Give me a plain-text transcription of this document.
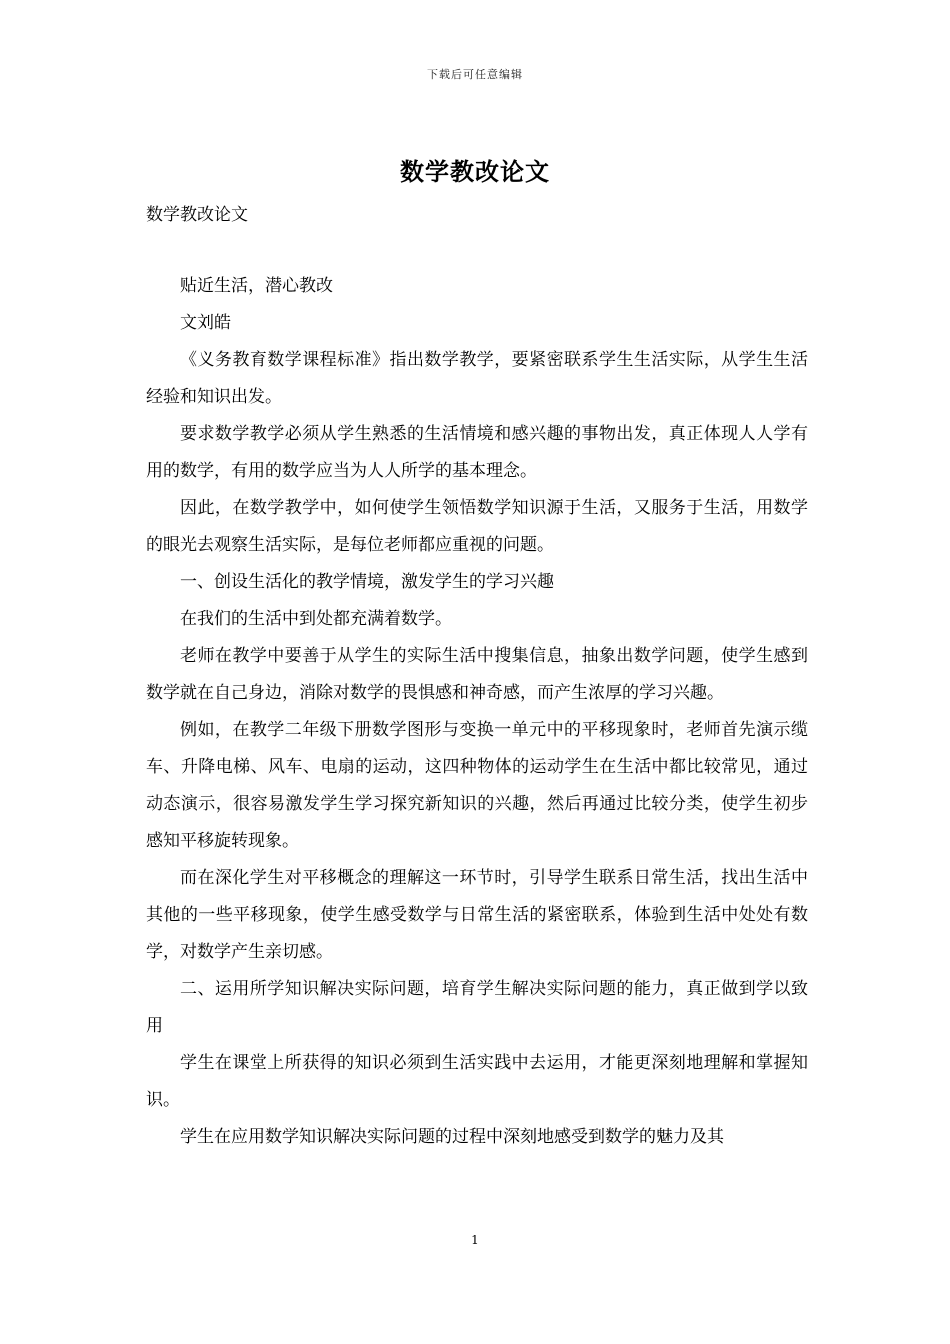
下载后可任意编辑
数学教改论文
数学教改论文

贴近生活，潜心教改

文刘皓

《义务教育数学课程标准》指出数学教学，要紧密联系学生生活实际，从学生生活经验和知识出发。

要求数学教学必须从学生熟悉的生活情境和感兴趣的事物出发，真正体现人人学有用的数学，有用的数学应当为人人所学的基本理念。

因此，在数学教学中，如何使学生领悟数学知识源于生活，又服务于生活，用数学的眼光去观察生活实际，是每位老师都应重视的问题。

一、创设生活化的教学情境，激发学生的学习兴趣

在我们的生活中到处都充满着数学。

老师在教学中要善于从学生的实际生活中搜集信息，抽象出数学问题，使学生感到数学就在自己身边，消除对数学的畏惧感和神奇感，而产生浓厚的学习兴趣。

例如，在教学二年级下册数学图形与变换一单元中的平移现象时，老师首先演示缆车、升降电梯、风车、电扇的运动，这四种物体的运动学生在生活中都比较常见，通过动态演示，很容易激发学生学习探究新知识的兴趣，然后再通过比较分类，使学生初步感知平移旋转现象。

而在深化学生对平移概念的理解这一环节时，引导学生联系日常生活，找出生活中其他的一些平移现象，使学生感受数学与日常生活的紧密联系，体验到生活中处处有数学，对数学产生亲切感。

二、运用所学知识解决实际问题，培育学生解决实际问题的能力，真正做到学以致用

学生在课堂上所获得的知识必须到生活实践中去运用，才能更深刻地理解和掌握知识。

学生在应用数学知识解决实际问题的过程中深刻地感受到数学的魅力及其

1
